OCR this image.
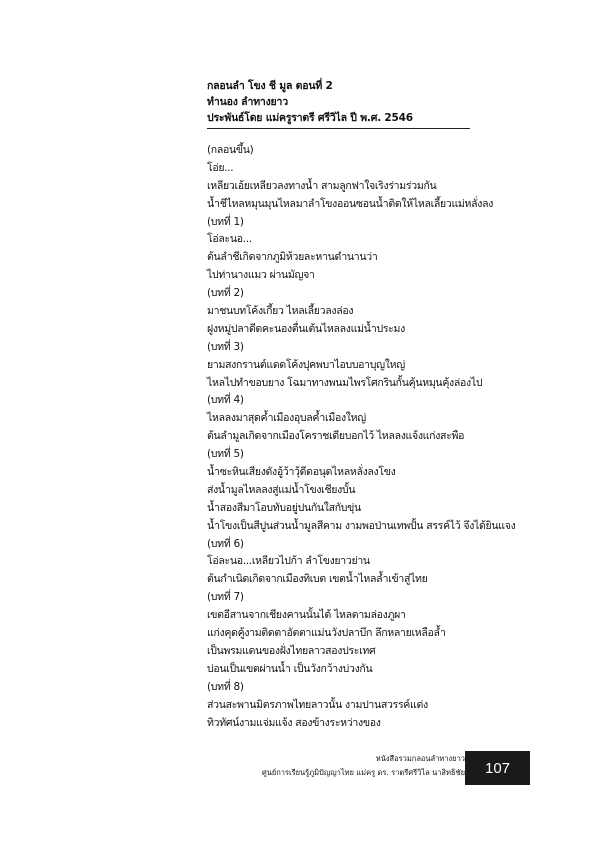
กลอนลำ โขง ชี มูล ตอนที่ 2
ทำนอง ลำทางยาว
ประพันธ์โดย แม่ครูราตรี ศรีวิไล ปี พ.ศ. 2546
(กลอนขึ้น)
โอ่ย...
เหลียวเอ้ยเหลียวลงทางน้ำ สามลูกฟาใจเริงร่ามร่วมกัน
น้ำชีไหลหมุนมุนไหลมาลำโขงออนซอนน้ำติดให้ไหลเลี้ยวแม่หลั่งลง
(บทที่ 1)
โอ่ละนอ...
ต้นลำชีเกิดจากภูมิห้วยละหานดำนานว่า
ไปท่านางแมว ผ่านมัญจา
(บทที่ 2)
มาชนบทโค้งเกี้ยว ไหลเลี้ยวลงล่อง
ฝูงหมู่ปลาดีดคะนองตื่นเต้นไหลลงแม่น้ำประมง
(บทที่ 3)
ยามสงกรานต์แดดโค้งปุคพบาไอบบอาบุญใหญ่
ไหลไปทำขอบยาง โฉมาทางพนมไพรโศกรินกั้นคุ้นหมุนคุ้งล่องไป
(บทที่ 4)
ไหลลงมาสุดค้ำเมืองอุบลค้ำเมืองใหญ่
ต้นลำมูลเกิดจากเมืองโคราชเดียบอกไว้ ไหลลงแจ้งแก่งสะพือ
(บทที่ 5)
น้ำซะหินเสียงดังอู้ว้าวุ้ดีดอนุดไหลหลั่งลงโขง
ส่งน้ำมูลไหลลงสู่แม่น้ำโขงเชียงบั้น
น้ำสองสีมาโอบทับอยู่ปนกันใสกับขุ่น
น้ำโขงเป็นสีปูนส่วนน้ำมูลสีคาม งามพอป่านเทพปั้น สรรค์ไว้ จึงได้ยินแจง
(บทที่ 6)
โอ่ละนอ...เหลียวไปก้า ลำโขงยาวย่าน
ต้นกำเนิดเกิดจากเมืองทิเบต เขตน้ำไหลล้ำเข้าสู่ไทย
(บทที่ 7)
เขตอีสานจากเชียงคานนั้นได้ ไหลตามล่องภูผา
แก่งคุดคู้งามติดตาอัตตาแม่นวังปลาบึก ลึกหลายเหลือล้ำ
เป็นพรมแดนของฝั่งไทยลาวสองประเทศ
บ่อนเป็นเขตผ่านน้ำ เป็นวังกว้างบ่วงกัน
(บทที่ 8)
ส่วนสะพานมิตรภาพไทยลาวนั้น งามปานสวรรค์แต่ง
ทิวทัศน์งามแจ่มแจ้ง สองข้างระหว่างของ
หนังสือรวมกลอนลำทางยาว
ศูนย์การเรียนรู้ภูมิปัญญาไทย แม่ครู ดร. ราตรีศรีวิไล นาสิทธิชัย	107
